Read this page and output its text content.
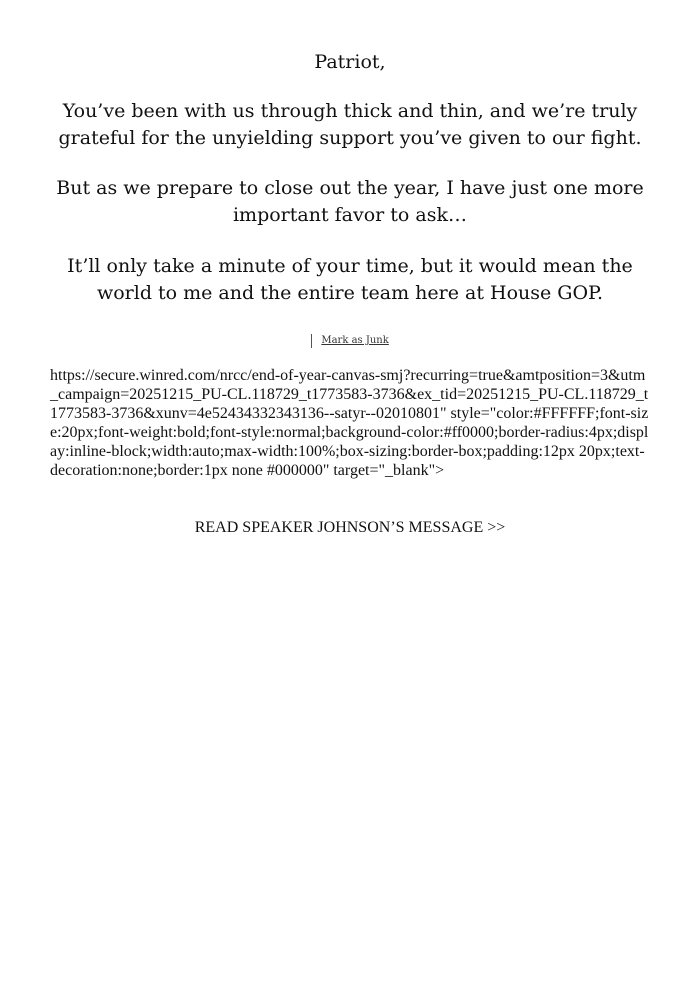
Patriot,

You’ve been with us through thick and thin, and we’re truly grateful for the unyielding support you’ve given to our fight.

But as we prepare to close out the year, I have just one more important favor to ask…

It’ll only take a minute of your time, but it would mean the world to me and the entire team here at House GOP.

Mark as Junk
https://secure.winred.com/nrcc/end-of-year-canvas-smj?recurring=true&amtposition=3&utm_campaign=20251215_PU-CL.118729_t1773583-3736&ex_tid=20251215_PU-CL.118729_t1773583-3736&xunv=4e52434332343136--satyr--02010801" style="color:#FFFFFF;font-size:20px;font-weight:bold;font-style:normal;background-color:#ff0000;border-radius:4px;display:inline-block;width:auto;max-width:100%;box-sizing:border-box;padding:12px 20px;text-decoration:none;border:1px none #000000" target="_blank">
READ SPEAKER JOHNSON’S MESSAGE >>
